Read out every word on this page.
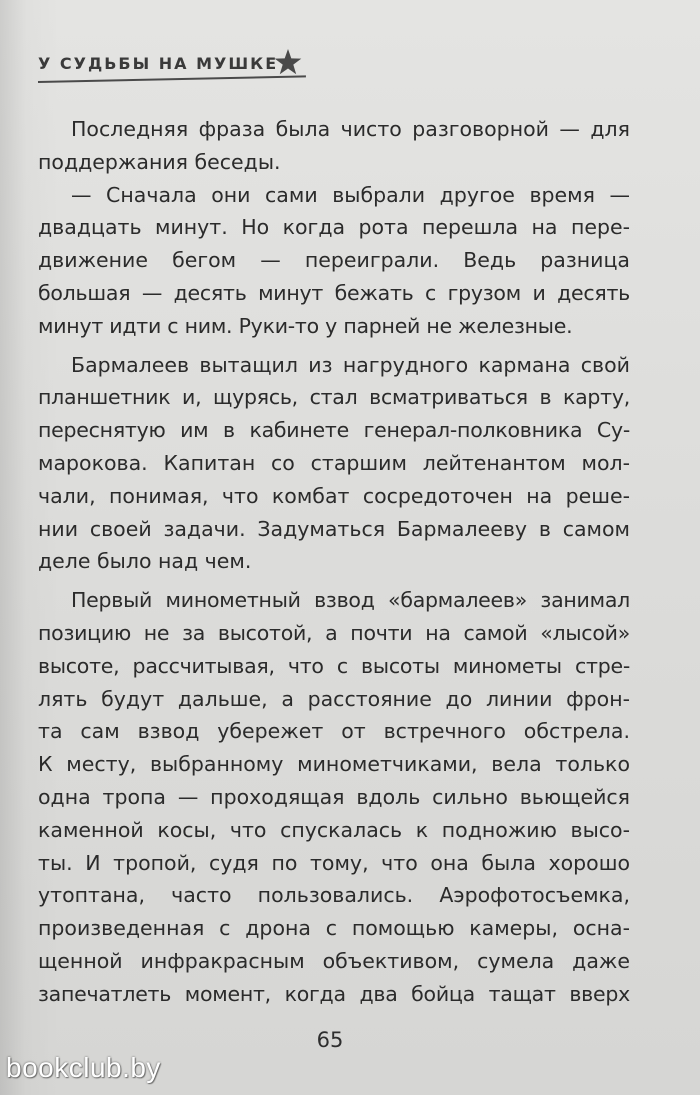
У СУДЬБЫ НА МУШКЕ
Последняя фраза была чисто разговорной — для
поддержания беседы.
— Сначала они сами выбрали другое время —
двадцать минут. Но когда рота перешла на пере-
движение бегом — переиграли. Ведь разница
большая — десять минут бежать с грузом и десять
минут идти с ним. Руки-то у парней не железные.
Бармалеев вытащил из нагрудного кармана свой
планшетник и, щурясь, стал всматриваться в карту,
переснятую им в кабинете генерал-полковника Су-
марокова. Капитан со старшим лейтенантом мол-
чали, понимая, что комбат сосредоточен на реше-
нии своей задачи. Задуматься Бармалееву в самом
деле было над чем.
Первый минометный взвод «бармалеев» занимал
позицию не за высотой, а почти на самой «лысой»
высоте, рассчитывая, что с высоты минометы стре-
лять будут дальше, а расстояние до линии фрон-
та сам взвод убережет от встречного обстрела.
К месту, выбранному минометчиками, вела только
одна тропа — проходящая вдоль сильно вьющейся
каменной косы, что спускалась к подножию высо-
ты. И тропой, судя по тому, что она была хорошо
утоптана, часто пользовались. Аэрофотосъемка,
произведенная с дрона с помощью камеры, осна-
щенной инфракрасным объективом, сумела даже
запечатлеть момент, когда два бойца тащат вверх
65
bookclub.by
